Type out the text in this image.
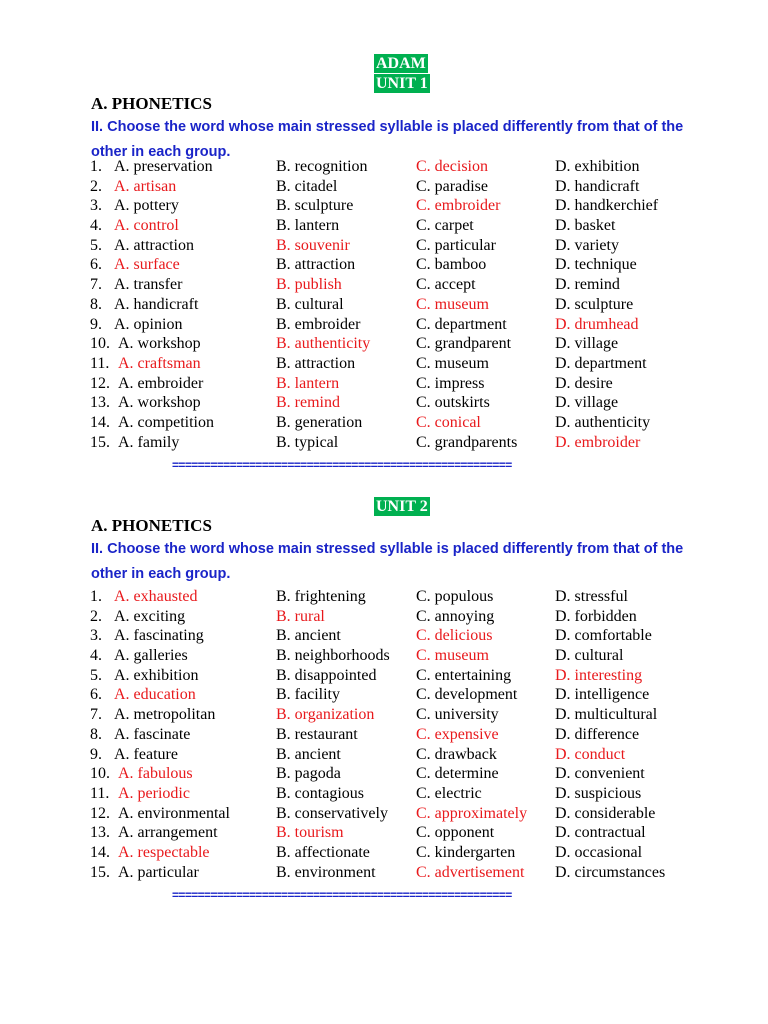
ADAM
UNIT 1
A. PHONETICS
II. Choose the word whose main stressed syllable is placed differently from that of the other in each group.
1. A. preservation	B. recognition	C. decision	D. exhibition
2. A. artisan	B. citadel	C. paradise	D. handicraft
3. A. pottery	B. sculpture	C. embroider	D. handkerchief
4. A. control	B. lantern	C. carpet	D. basket
5. A. attraction	B. souvenir	C. particular	D. variety
6. A. surface	B. attraction	C. bamboo	D. technique
7. A. transfer	B. publish	C. accept	D. remind
8. A. handicraft	B. cultural	C. museum	D. sculpture
9. A. opinion	B. embroider	C. department	D. drumhead
10. A. workshop	B. authenticity	C. grandparent	D. village
11. A. craftsman	B. attraction	C. museum	D. department
12. A. embroider	B. lantern	C. impress	D. desire
13. A. workshop	B. remind	C. outskirts	D. village
14. A. competition	B. generation	C. conical	D. authenticity
15. A. family	B. typical	C. grandparents D. embroider
=====================================================
UNIT 2
A. PHONETICS
II. Choose the word whose main stressed syllable is placed differently from that of the other in each group.
1. A. exhausted	B. frightening	C. populous	D. stressful
2. A. exciting	B. rural	C. annoying	D. forbidden
3. A. fascinating	B. ancient	C. delicious	D. comfortable
4. A. galleries	B. neighborhoods C. museum	D. cultural
5. A. exhibition	B. disappointed C. entertaining	D. interesting
6. A. education	B. facility	C. development D. intelligence
7. A. metropolitan	B. organization	C. university	D. multicultural
8. A. fascinate	B. restaurant	C. expensive	D. difference
9. A. feature	B. ancient	C. drawback	D. conduct
10. A. fabulous	B. pagoda	C. determine	D. convenient
11. A. periodic	B. contagious	C. electric	D. suspicious
12. A. environmental	B. conservatively C. approximately D. considerable
13. A. arrangement	B. tourism	C. opponent	D. contractual
14. A. respectable	B. affectionate	C. kindergarten D. occasional
15. A. particular	B. environment	C. advertisement D. circumstances
=====================================================
